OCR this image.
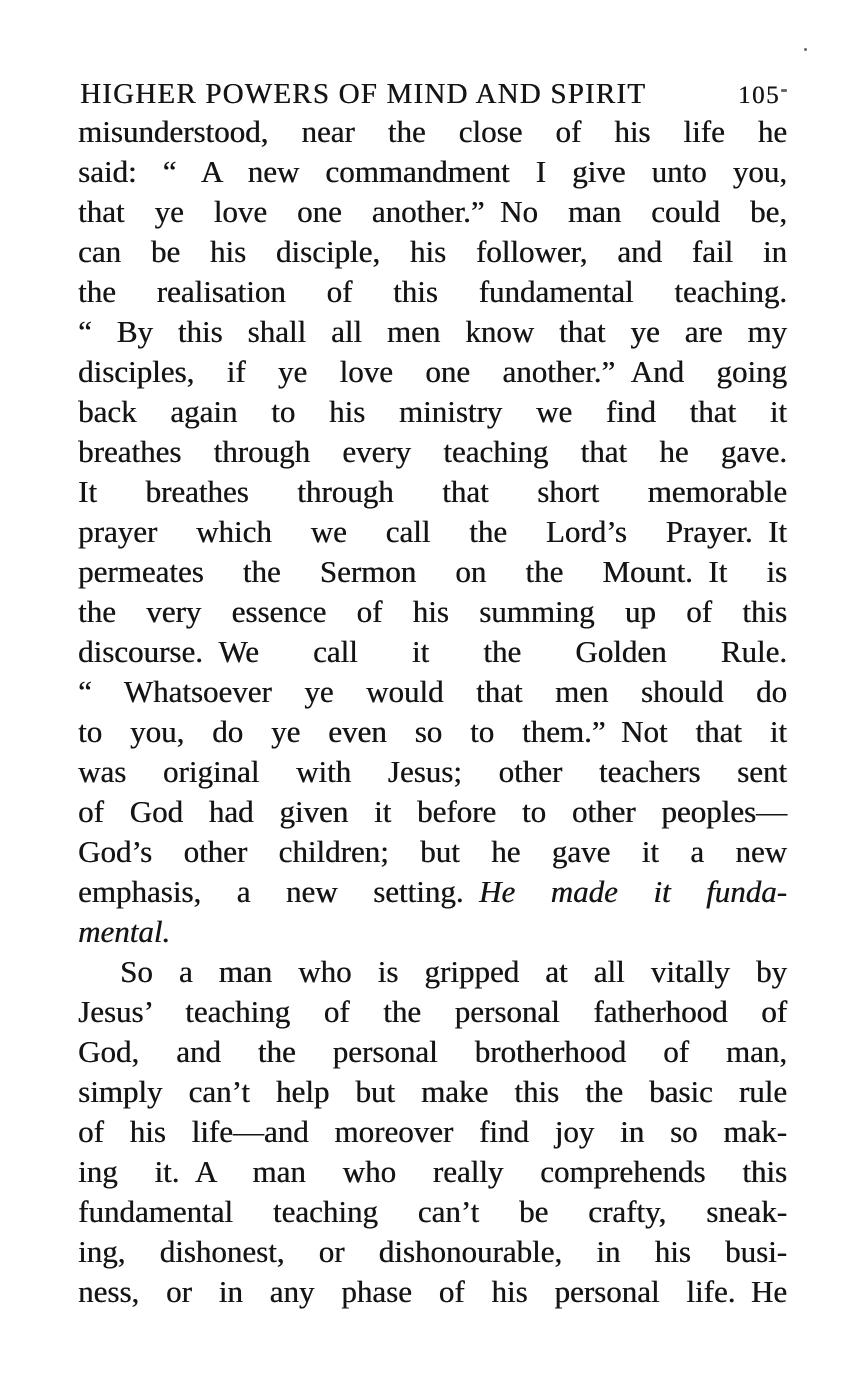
HIGHER POWERS OF MIND AND SPIRIT	105
misunderstood, near the close of his life he
said: “ A new commandment I give unto you,
that ye love one another.” No man could be,
can be his disciple, his follower, and fail in
the realisation of this fundamental teaching.
“ By this shall all men know that ye are my
disciples, if ye love one another.” And going
back again to his ministry we find that it
breathes through every teaching that he gave.
It breathes through that short memorable
prayer which we call the Lord’s Prayer. It
permeates the Sermon on the Mount. It is
the very essence of his summing up of this
discourse. We call it the Golden Rule.
“ Whatsoever ye would that men should do
to you, do ye even so to them.” Not that it
was original with Jesus; other teachers sent
of God had given it before to other peoples—
God’s other children; but he gave it a new
emphasis, a new setting. He made it funda-
mental.
So a man who is gripped at all vitally by
Jesus’ teaching of the personal fatherhood of
God, and the personal brotherhood of man,
simply can’t help but make this the basic rule
of his life—and moreover find joy in so mak-
ing it. A man who really comprehends this
fundamental teaching can’t be crafty, sneak-
ing, dishonest, or dishonourable, in his busi-
ness, or in any phase of his personal life. He
